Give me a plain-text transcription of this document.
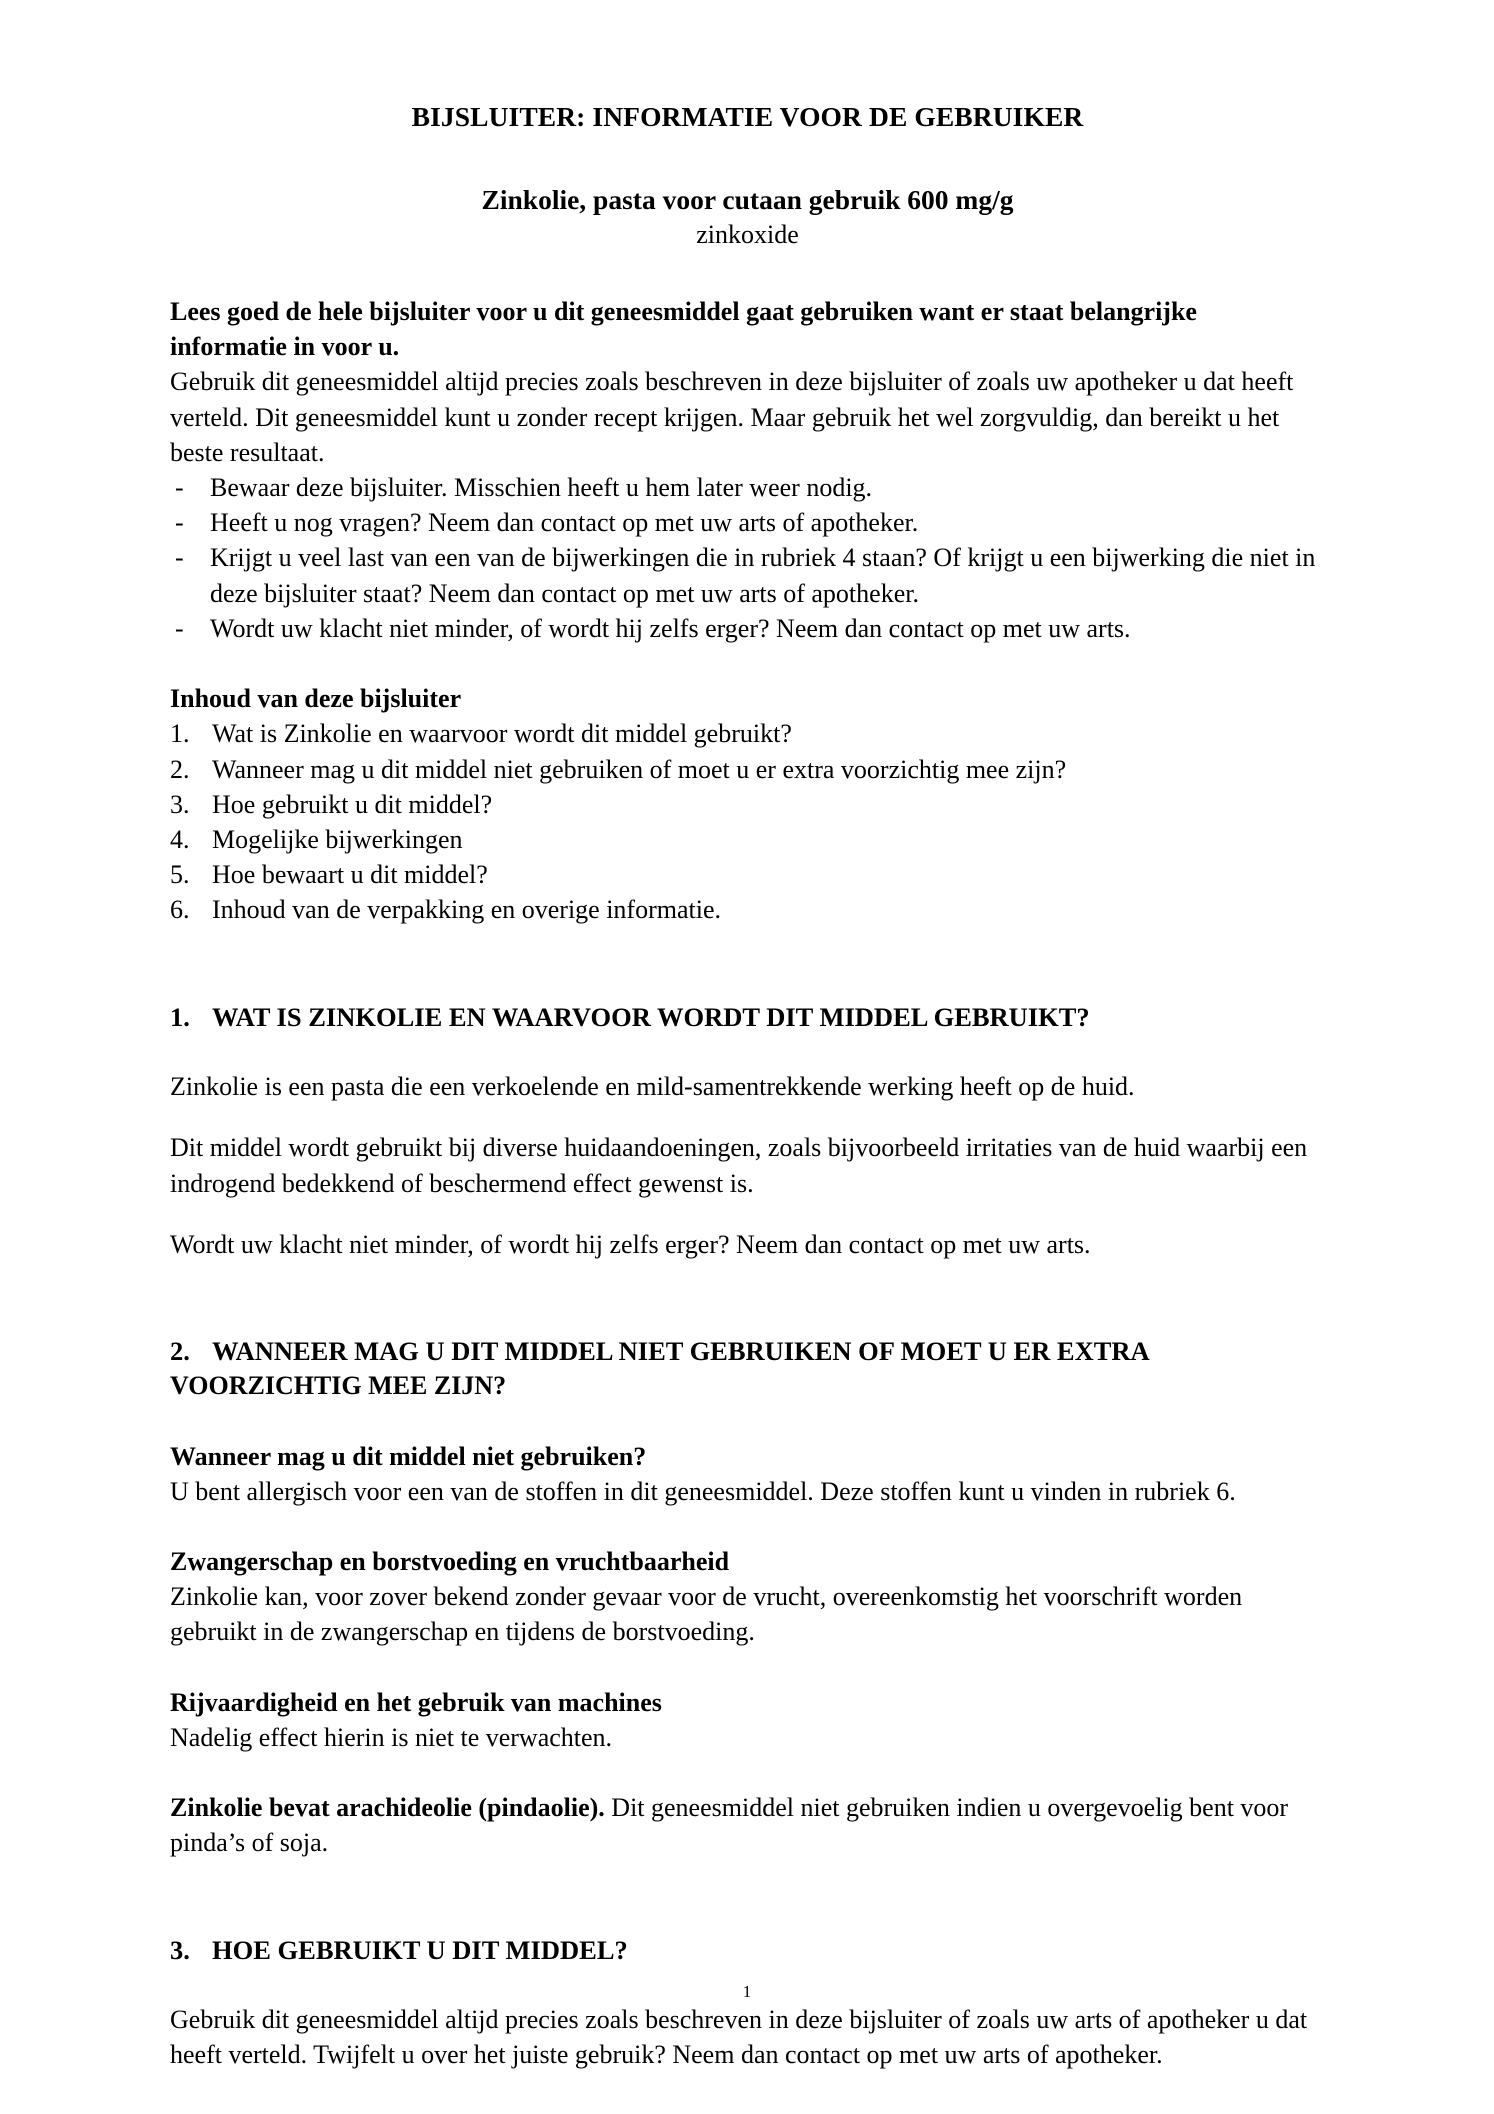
BIJSLUITER: INFORMATIE VOOR DE GEBRUIKER
Zinkolie, pasta voor cutaan gebruik 600 mg/g
zinkoxide

Lees goed de hele bijsluiter voor u dit geneesmiddel gaat gebruiken want er staat belangrijke

informatie in voor u.

Gebruik dit geneesmiddel altijd precies zoals beschreven in deze bijsluiter of zoals uw apotheker u dat heeft verteld. Dit geneesmiddel kunt u zonder recept krijgen. Maar gebruik het wel zorgvuldig, dan bereikt u het beste resultaat.

- Bewaar deze bijsluiter. Misschien heeft u hem later weer nodig.
- Heeft u nog vragen? Neem dan contact op met uw arts of apotheker.
- Krijgt u veel last van een van de bijwerkingen die in rubriek 4 staan? Of krijgt u een bijwerking die niet in deze bijsluiter staat? Neem dan contact op met uw arts of apotheker.
- Wordt uw klacht niet minder, of wordt hij zelfs erger? Neem dan contact op met uw arts.

Inhoud van deze bijsluiter

1. Wat is Zinkolie en waarvoor wordt dit middel gebruikt?
2. Wanneer mag u dit middel niet gebruiken of moet u er extra voorzichtig mee zijn?
3. Hoe gebruikt u dit middel?
4. Mogelijke bijwerkingen
5. Hoe bewaart u dit middel?
6. Inhoud van de verpakking en overige informatie.

1. WAT IS ZINKOLIE EN WAARVOOR WORDT DIT MIDDEL GEBRUIKT?

Zinkolie is een pasta die een verkoelende en mild-samentrekkende werking heeft op de huid.

Dit middel wordt gebruikt bij diverse huidaandoeningen, zoals bijvoorbeeld irritaties van de huid waarbij een indrogend bedekkend of beschermend effect gewenst is.

Wordt uw klacht niet minder, of wordt hij zelfs erger? Neem dan contact op met uw arts.

2. WANNEER MAG U DIT MIDDEL NIET GEBRUIKEN OF MOET U ER EXTRA

VOORZICHTIG MEE ZIJN?

Wanneer mag u dit middel niet gebruiken?

U bent allergisch voor een van de stoffen in dit geneesmiddel. Deze stoffen kunt u vinden in rubriek 6.

Zwangerschap en borstvoeding en vruchtbaarheid

Zinkolie kan, voor zover bekend zonder gevaar voor de vrucht, overeenkomstig het voorschrift worden gebruikt in de zwangerschap en tijdens de borstvoeding.

Rijvaardigheid en het gebruik van machines

Nadelig effect hierin is niet te verwachten.

Zinkolie bevat arachideolie (pindaolie). Dit geneesmiddel niet gebruiken indien u overgevoelig bent voor pinda’s of soja.

3. HOE GEBRUIKT U DIT MIDDEL?

Gebruik dit geneesmiddel altijd precies zoals beschreven in deze bijsluiter of zoals uw arts of apotheker u dat heeft verteld. Twijfelt u over het juiste gebruik? Neem dan contact op met uw arts of apotheker.

1
